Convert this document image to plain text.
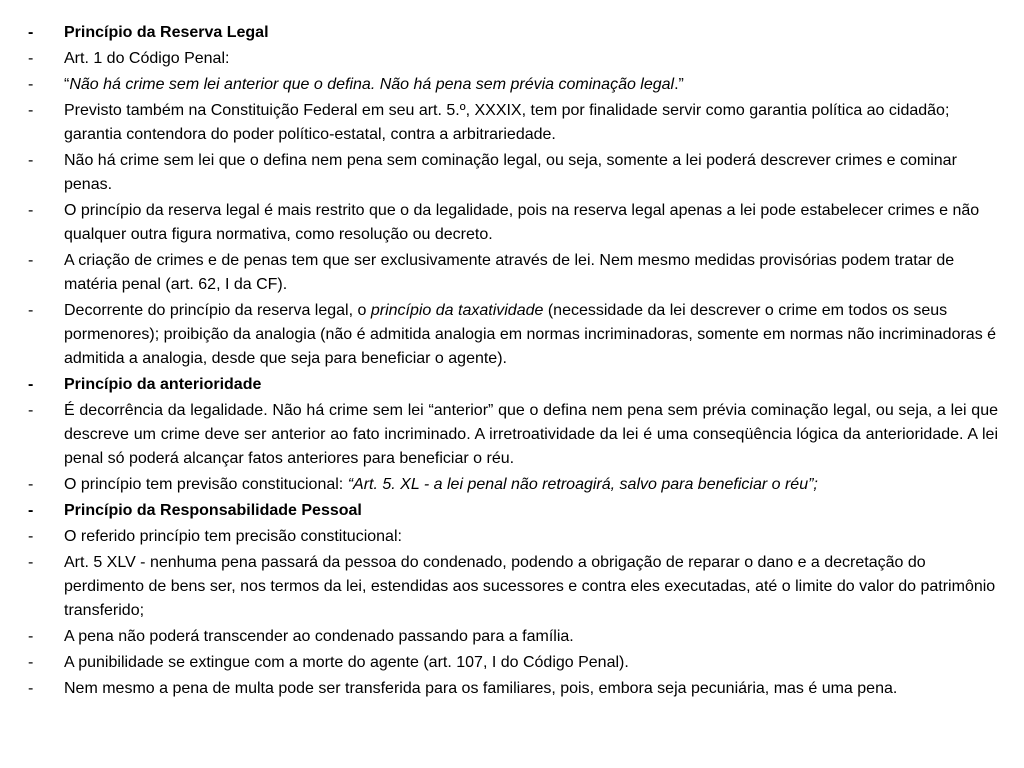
-	Princípio da Reserva Legal
-	Art. 1 do Código Penal:
-	“Não há crime sem lei anterior que o defina. Não há pena sem prévia cominação legal.”
-	Previsto também na Constituição Federal em seu art. 5.º, XXXIX, tem por finalidade servir como garantia política ao cidadão; garantia contendora do poder político-estatal, contra a arbitrariedade.
-	Não há crime sem lei que o defina nem pena sem cominação legal, ou seja, somente a lei poderá descrever crimes e cominar penas.
-	O princípio da reserva legal é mais restrito que o da legalidade, pois na reserva legal apenas a lei pode estabelecer crimes e não qualquer outra figura normativa, como resolução ou decreto.
-	A criação de crimes e de penas tem que ser exclusivamente através de lei. Nem mesmo medidas provisórias podem tratar de matéria penal (art. 62, I da CF).
-	Decorrente do princípio da reserva legal, o princípio da taxatividade (necessidade da lei descrever o crime em todos os seus pormenores); proibição da analogia (não é admitida analogia em normas incriminadoras, somente em normas não incriminadoras é admitida a analogia, desde que seja para beneficiar o agente).
-	Princípio da anterioridade
-	É decorrência da legalidade. Não há crime sem lei “anterior” que o defina nem pena sem prévia cominação legal, ou seja, a lei que descreve um crime deve ser anterior ao fato incriminado. A irretroatividade da lei é uma conseqüência lógica da anterioridade. A lei penal só poderá alcançar fatos anteriores para beneficiar o réu.
-	O princípio tem previsão constitucional: “Art. 5. XL - a lei penal não retroagirá, salvo para beneficiar o réu”;
-	Princípio da Responsabilidade Pessoal
-	O referido princípio tem precisão constitucional:
-	Art. 5 XLV - nenhuma pena passará da pessoa do condenado, podendo a obrigação de reparar o dano e a decretação do perdimento de bens ser, nos termos da lei, estendidas aos sucessores e contra eles executadas, até o limite do valor do patrimônio transferido;
-	A pena não poderá transcender ao condenado passando para a família.
-	A punibilidade se extingue com a morte do agente (art. 107, I do Código Penal).
-	Nem mesmo a pena de multa pode ser transferida para os familiares, pois, embora seja pecuniária, mas é uma pena.
